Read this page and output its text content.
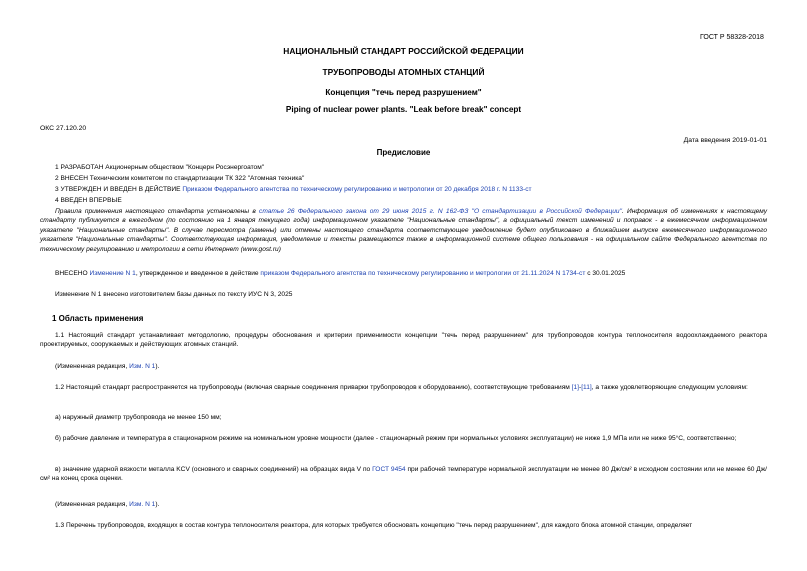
ГОСТ Р 58328-2018
НАЦИОНАЛЬНЫЙ СТАНДАРТ РОССИЙСКОЙ ФЕДЕРАЦИИ
ТРУБОПРОВОДЫ АТОМНЫХ СТАНЦИЙ
Концепция "течь перед разрушением"
Piping of nuclear power plants. "Leak before break" concept
ОКС 27.120.20
Дата введения 2019-01-01
Предисловие
1 РАЗРАБОТАН Акционерным обществом "Концерн Росэнергоатом"
2 ВНЕСЕН Техническим комитетом по стандартизации ТК 322 "Атомная техника"
3 УТВЕРЖДЕН И ВВЕДЕН В ДЕЙСТВИЕ Приказом Федерального агентства по техническому регулированию и метрологии от 20 декабря 2018 г. N 1133-ст
4 ВВЕДЕН ВПЕРВЫЕ

Правила применения настоящего стандарта установлены в статье 26 Федерального закона от 29 июня 2015 г. N 162-ФЗ "О стандартизации в Российской Федерации". Информация об изменениях к настоящему стандарту публикуется в ежегодном (по состоянию на 1 января текущего года) информационном указателе "Национальные стандарты", а официальный текст изменений и поправок - в ежемесячном информационном указателе "Национальные стандарты". В случае пересмотра (замены) или отмены настоящего стандарта соответствующее уведомление будет опубликовано в ближайшем выпуске ежемесячного информационного указателя "Национальные стандарты". Соответствующая информация, уведомление и тексты размещаются также в информационной системе общего пользования - на официальном сайте Федерального агентства по техническому регулированию и метрологии в сети Интернет (www.gost.ru)

ВНЕСЕНО Изменение N 1, утвержденное и введенное в действие приказом Федерального агентства по техническому регулированию и метрологии от 21.11.2024 N 1734-ст с 30.01.2025

Изменение N 1 внесено изготовителем базы данных по тексту ИУС N 3, 2025

1 Область применения

1.1 Настоящий стандарт устанавливает методологию, процедуры обоснования и критерии применимости концепции "течь перед разрушением" для трубопроводов контура теплоносителя водоохлаждаемого реактора проектируемых, сооружаемых и действующих атомных станций.

(Измененная редакция, Изм. N 1).

1.2 Настоящий стандарт распространяется на трубопроводы (включая сварные соединения приварки трубопроводов к оборудованию), соответствующие требованиям [1]-[11], а также удовлетворяющие следующим условиям:

а) наружный диаметр трубопровода не менее 150 мм;

б) рабочие давление и температура в стационарном режиме на номинальном уровне мощности (далее - стационарный режим при нормальных условиях эксплуатации) не ниже 1,9 МПа или не ниже 95°С, соответственно;

в) значение ударной вязкости металла KCV (основного и сварных соединений) на образцах вида V по ГОСТ 9454 при рабочей температуре нормальной эксплуатации не менее 80 Дж/см² в исходном состоянии или не менее 60 Дж/см² на конец срока оценки.

(Измененная редакция, Изм. N 1).

1.3 Перечень трубопроводов, входящих в состав контура теплоносителя реактора, для которых требуется обосновать концепцию "течь перед разрушением", для каждого блока атомной станции, определяет
